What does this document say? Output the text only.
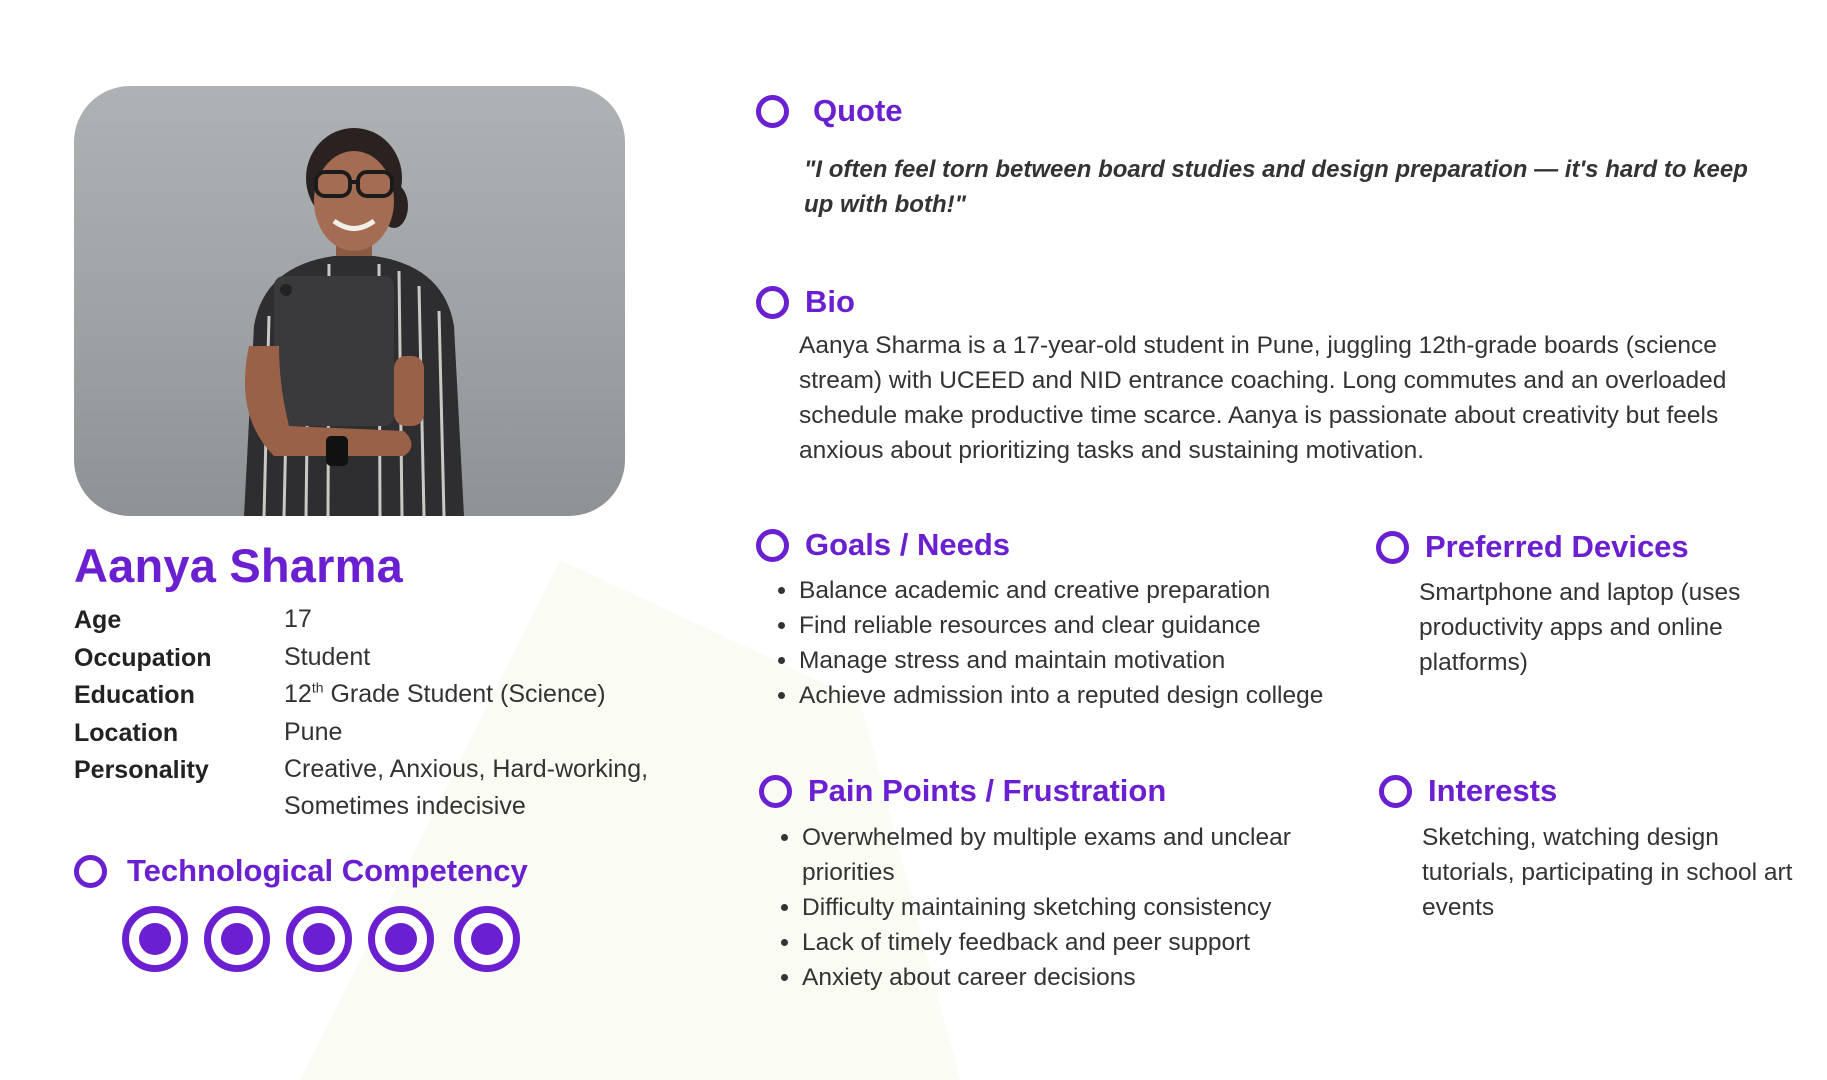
Aanya Sharma
Age	17
Occupation	Student
Education	12th Grade Student (Science)
Location	Pune
Personality	Creative, Anxious, Hard-working,
Sometimes indecisive
Technological Competency
Quote
"I often feel torn between board studies and design preparation — it's hard to keep up with both!"
Bio
Aanya Sharma is a 17-year-old student in Pune, juggling 12th-grade boards (science stream) with UCEED and NID entrance coaching. Long commutes and an overloaded schedule make productive time scarce. Aanya is passionate about creativity but feels anxious about prioritizing tasks and sustaining motivation.
Goals / Needs
• Balance academic and creative preparation
• Find reliable resources and clear guidance
• Manage stress and maintain motivation
• Achieve admission into a reputed design college
Preferred Devices
Smartphone and laptop (uses productivity apps and online platforms)
Pain Points / Frustration
• Overwhelmed by multiple exams and unclear priorities
• Difficulty maintaining sketching consistency
• Lack of timely feedback and peer support
• Anxiety about career decisions
Interests
Sketching, watching design tutorials, participating in school art events
